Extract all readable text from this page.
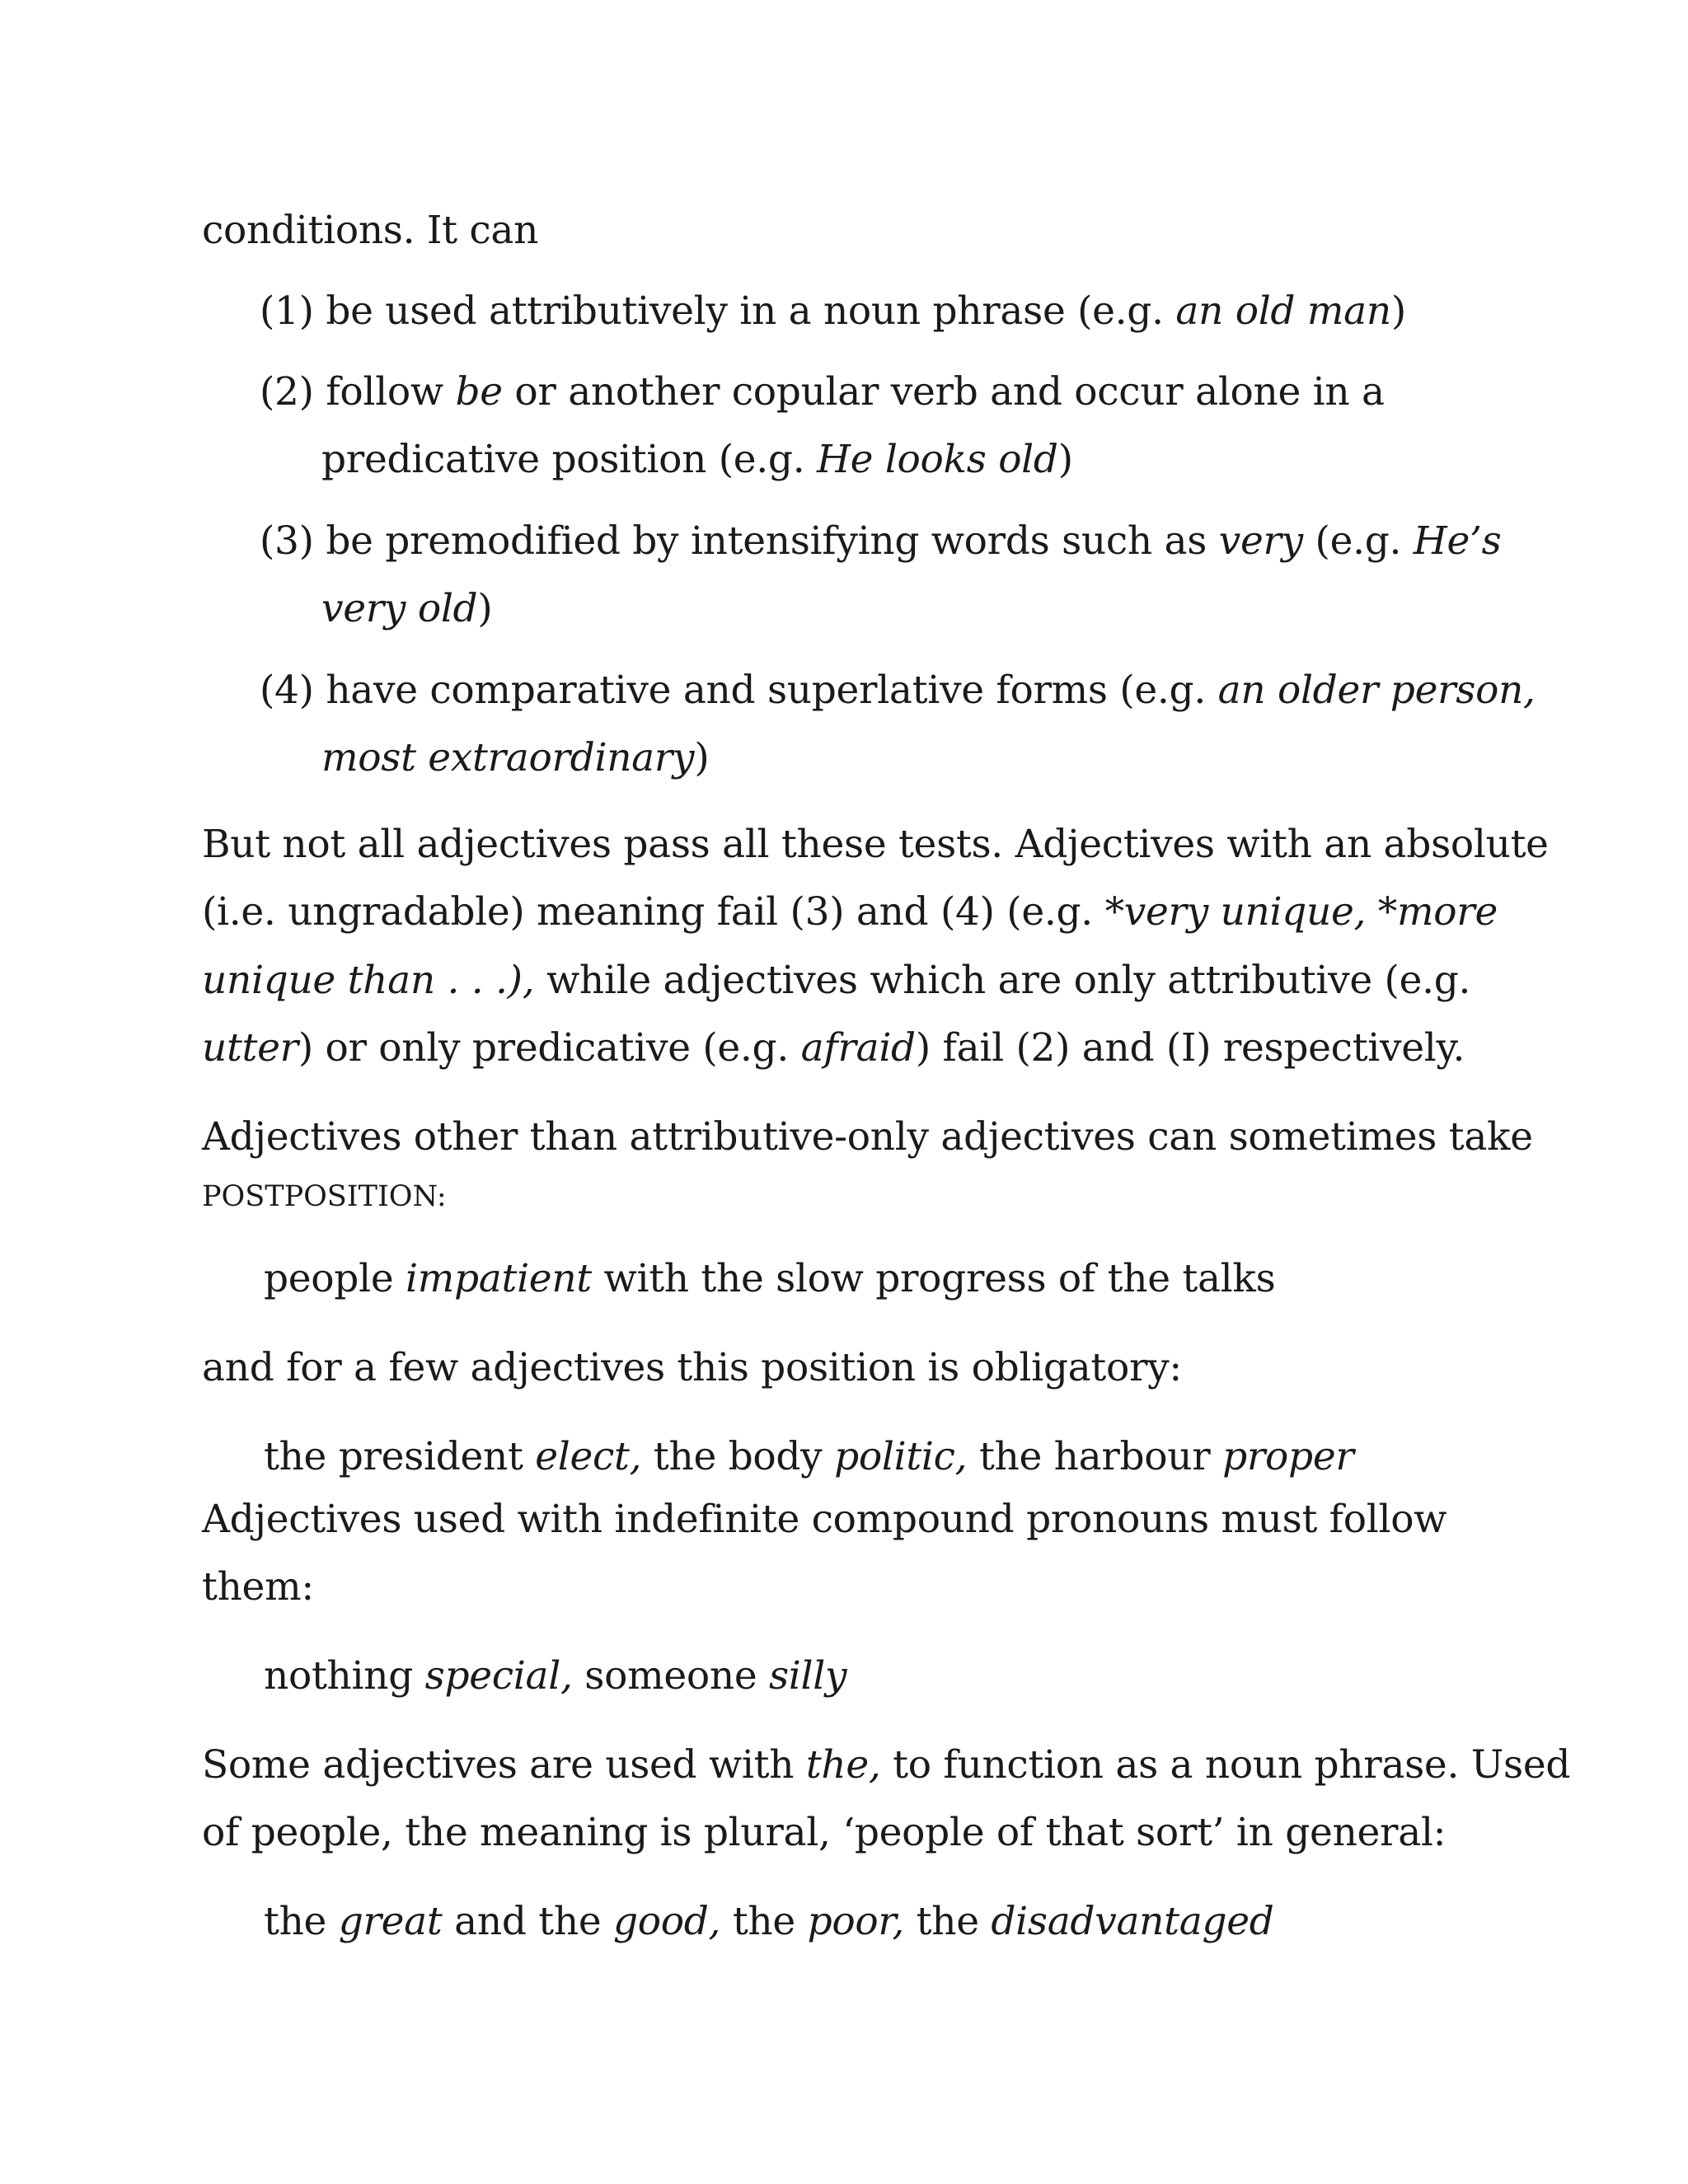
conditions. It can
(1) be used attributively in a noun phrase (e.g. an old man)
(2) follow be or another copular verb and occur alone in a
predicative position (e.g. He looks old)
(3) be premodified by intensifying words such as very (e.g. He’s
very old)
(4) have comparative and superlative forms (e.g. an older person,
most extraordinary)
But not all adjectives pass all these tests. Adjectives with an absolute
(i.e. ungradable) meaning fail (3) and (4) (e.g. *very unique, *more
unique than . . .), while adjectives which are only attributive (e.g.
utter) or only predicative (e.g. afraid) fail (2) and (I) respectively.
Adjectives other than attributive-only adjectives can sometimes take
POSTPOSITION:
people impatient with the slow progress of the talks
and for a few adjectives this position is obligatory:
the president elect, the body politic, the harbour proper
Adjectives used with indefinite compound pronouns must follow
them:
nothing special, someone silly
Some adjectives are used with the, to function as a noun phrase. Used
of people, the meaning is plural, ‘people of that sort’ in general:
the great and the good, the poor, the disadvantaged
